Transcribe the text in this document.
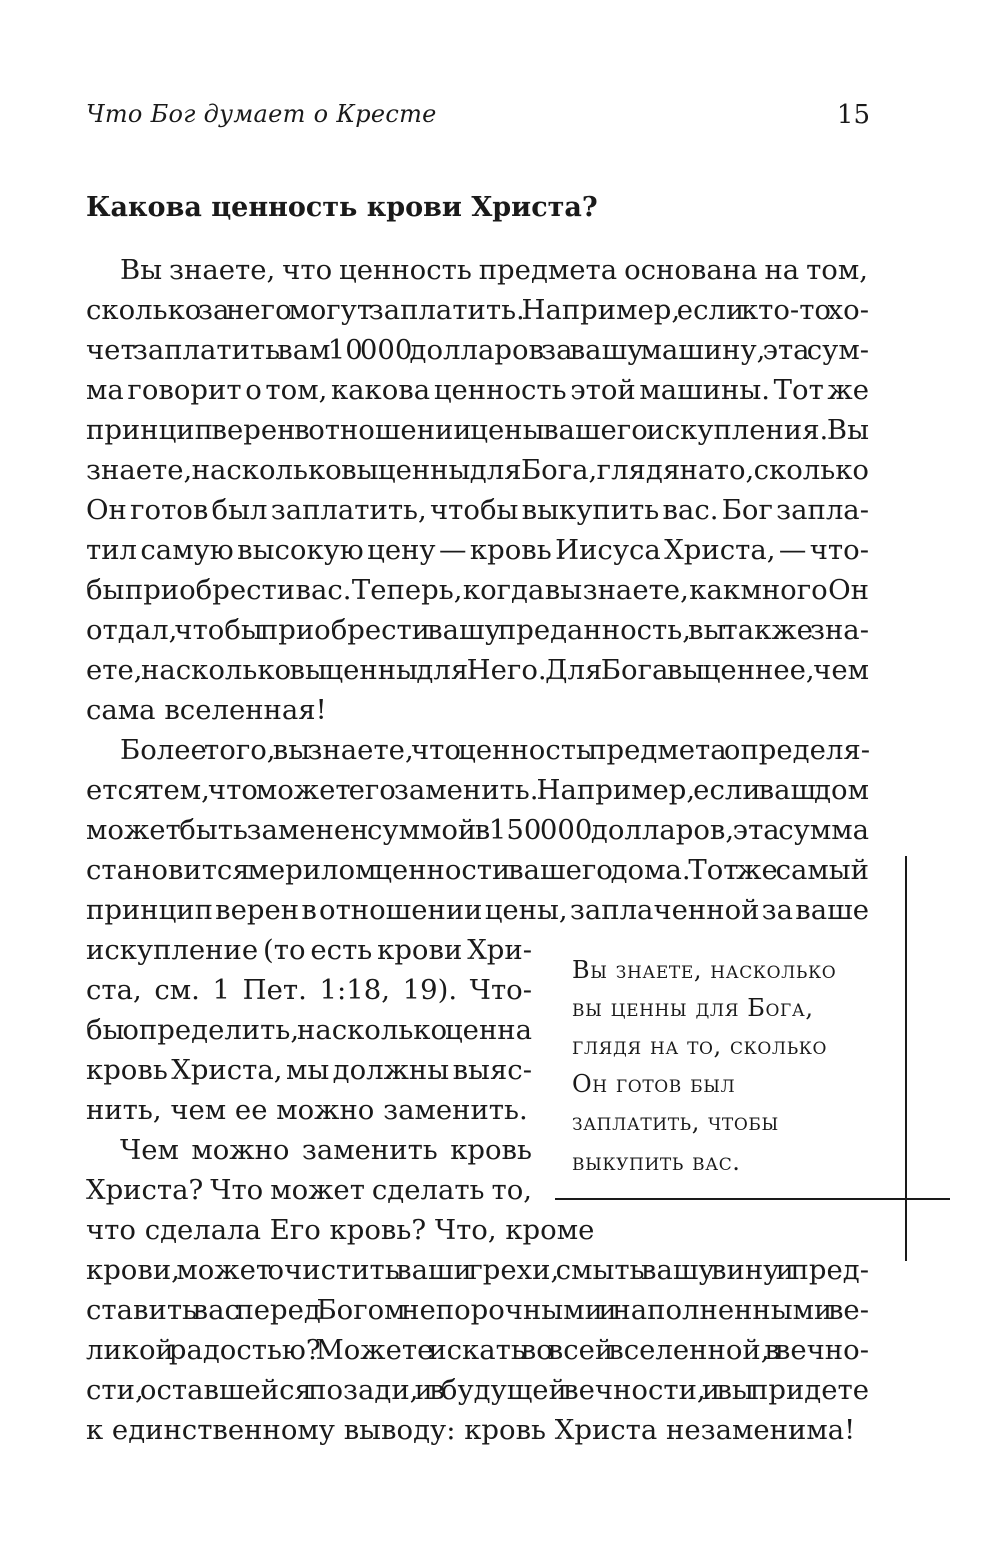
Что Бог думает о Кресте	15
Какова ценность крови Христа?
Вы знаете, что ценность предмета основана на том,
сколько за него могут заплатить. Например, если кто-то хо-
чет заплатить вам 10 000 долларов за вашу машину, эта сум-
ма говорит о том, какова ценность этой машины. Тот же
принцип верен в отношении цены вашего искупления. Вы
знаете, насколько вы ценны для Бога, глядя на то, сколько
Он готов был заплатить, чтобы выкупить вас. Бог запла-
тил самую высокую цену — кровь Иисуса Христа, — что-
бы приобрести вас. Теперь, когда вы знаете, как много Он
отдал, чтобы приобрести вашу преданность, вы также зна-
ете, насколько вы ценны для Него. Для Бога вы ценнее, чем
сама вселенная!
Более того, вы знаете, что ценность предмета определя-
ется тем, что может его заменить. Например, если ваш дом
может быть заменен суммой в 150 000 долларов, эта сумма
становится мерилом ценности вашего дома. Тот же самый
принцип верен в отношении цены, заплаченной за ваше
искупление (то есть крови Хри-
ста, см. 1 Пет. 1:18, 19). Что-
бы определить, насколько ценна
кровь Христа, мы должны выяс-
нить, чем ее можно заменить.
Чем можно заменить кровь
Христа? Что может сделать то,
что сделала Его кровь? Что, кроме
крови, может очистить ваши грехи, смыть вашу вину и пред-
ставить вас перед Богом непорочными и наполненными ве-
ликой радостью? Можете искать во всей вселенной, в вечно-
сти, оставшейся позади, и в будущей вечности, и вы придете
к единственному выводу: кровь Христа незаменима!
Вы знаете, насколько
вы ценны для Бога,
глядя на то, сколько
Он готов был
заплатить, чтобы
выкупить вас.
